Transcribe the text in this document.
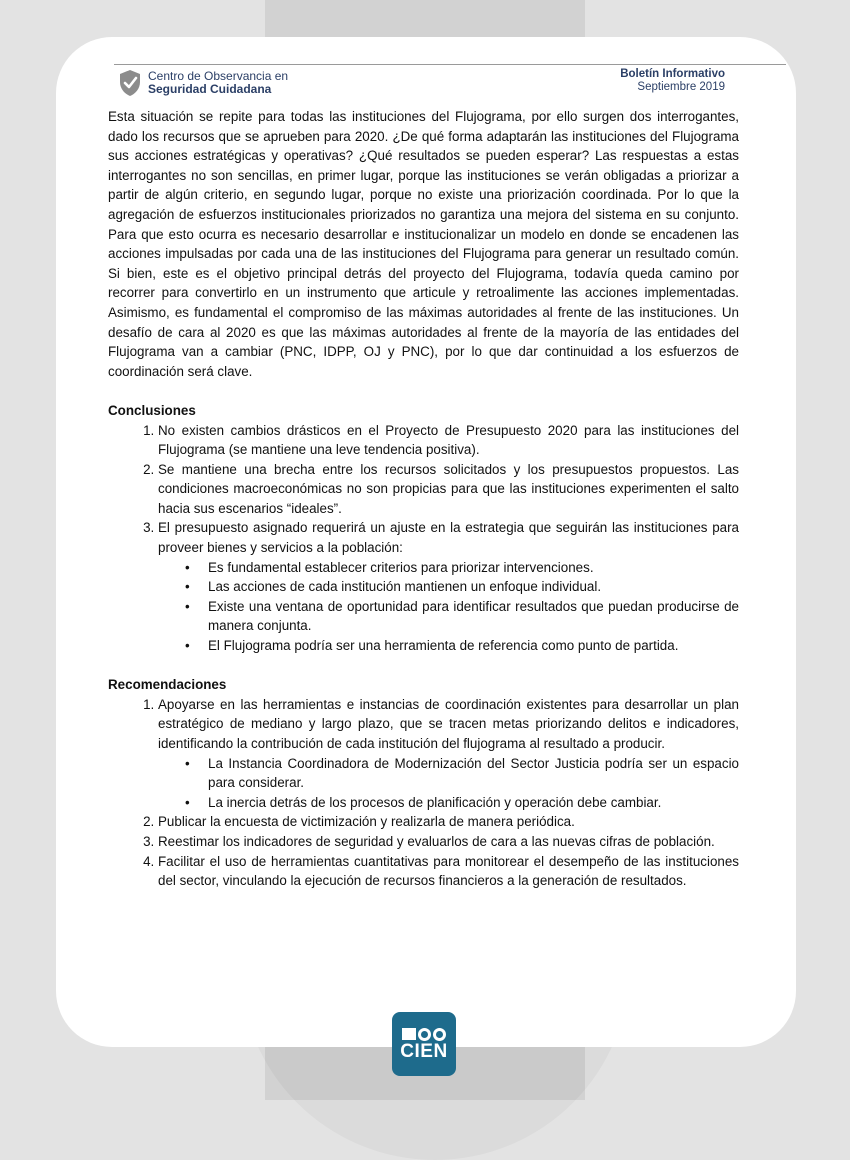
Centro de Observancia en
Seguridad Cuidadana
Boletín Informativo
Septiembre 2019

Esta situación se repite para todas las instituciones del Flujograma, por ello surgen dos interrogantes, dado los recursos que se aprueben para 2020. ¿De qué forma adaptarán las instituciones del Flujograma sus acciones estratégicas y operativas? ¿Qué resultados se pueden esperar? Las respuestas a estas interrogantes no son sencillas, en primer lugar, porque las instituciones se verán obligadas a priorizar a partir de algún criterio, en segundo lugar, porque no existe una priorización coordinada. Por lo que la agregación de esfuerzos institucionales priorizados no garantiza una mejora del sistema en su conjunto. Para que esto ocurra es necesario desarrollar e institucionalizar un modelo en donde se encadenen las acciones impulsadas por cada una de las instituciones del Flujograma para generar un resultado común. Si bien, este es el objetivo principal detrás del proyecto del Flujograma, todavía queda camino por recorrer para convertirlo en un instrumento que articule y retroalimente las acciones implementadas. Asimismo, es fundamental el compromiso de las máximas autoridades al frente de las instituciones. Un desafío de cara al 2020 es que las máximas autoridades al frente de la mayoría de las entidades del Flujograma van a cambiar (PNC, IDPP, OJ y PNC), por lo que dar continuidad a los esfuerzos de coordinación será clave.

Conclusiones
1. No existen cambios drásticos en el Proyecto de Presupuesto 2020 para las instituciones del Flujograma (se mantiene una leve tendencia positiva).
2. Se mantiene una brecha entre los recursos solicitados y los presupuestos propuestos. Las condiciones macroeconómicas no son propicias para que las instituciones experimenten el salto hacia sus escenarios “ideales”.
3. El presupuesto asignado requerirá un ajuste en la estrategia que seguirán las instituciones para proveer bienes y servicios a la población:
• Es fundamental establecer criterios para priorizar intervenciones.
• Las acciones de cada institución mantienen un enfoque individual.
• Existe una ventana de oportunidad para identificar resultados que puedan producirse de manera conjunta.
• El Flujograma podría ser una herramienta de referencia como punto de partida.
Recomendaciones
1. Apoyarse en las herramientas e instancias de coordinación existentes para desarrollar un plan estratégico de mediano y largo plazo, que se tracen metas priorizando delitos e indicadores, identificando la contribución de cada institución del flujograma al resultado a producir.
• La Instancia Coordinadora de Modernización del Sector Justicia podría ser un espacio para considerar.
• La inercia detrás de los procesos de planificación y operación debe cambiar.
2. Publicar la encuesta de victimización y realizarla de manera periódica.
3. Reestimar los indicadores de seguridad y evaluarlos de cara a las nuevas cifras de población.
4. Facilitar el uso de herramientas cuantitativas para monitorear el desempeño de las instituciones del sector, vinculando la ejecución de recursos financieros a la generación de resultados.
CIEN
